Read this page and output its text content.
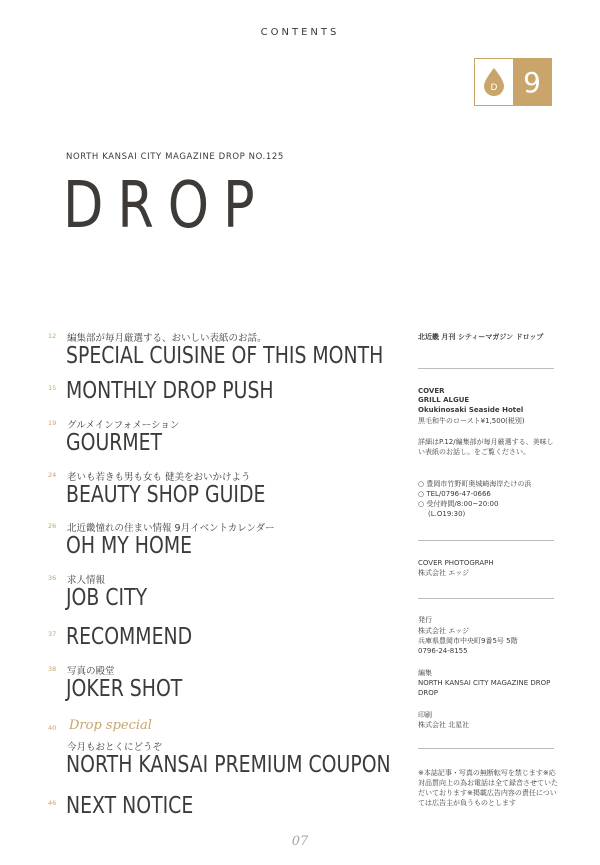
CONTENTS
D 9
NORTH KANSAI CITY MAGAZINE DROP NO.125
DROP
12	編集部が毎月厳選する、おいしい表紙のお話。
SPECIAL CUISINE OF THIS MONTH
15 MONTHLY DROP PUSH
19	グルメインフォメーション
GOURMET
24	老いも若きも男も女も 健美をおいかけよう
BEAUTY SHOP GUIDE
26	北近畿憧れの住まい情報 9月イベントカレンダー
OH MY HOME
36	求人情報
JOB CITY
37 RECOMMEND
38	写真の殿堂
JOKER SHOT
40 Drop special
今月もおとくにどうぞ
NORTH KANSAI PREMIUM COUPON
46 NEXT NOTICE
北近畿 月刊 シティーマガジン ドロップ
COVER
GRILL ALGUE
Okukinosaki Seaside Hotel
黒毛和牛のロースト¥1,500(税別)
詳細はP.12/編集部が毎月厳選する、美味しい表紙のお話し。をご覧ください。
○ 豊岡市竹野町奥城崎海岸たけの浜
○ TEL/0796-47-0666
○ 受付時間/8:00~20:00
(L.O19:30)
COVER PHOTOGRAPH
株式会社 エッジ
発行
株式会社 エッジ
兵庫県豊岡市中央町9番5号 5階
0796-24-8155
編集
NORTH KANSAI CITY MAGAZINE DROP
DROP
印刷
株式会社 北星社
※本誌記事・写真の無断転写を禁じます※応対品質向上の為お電話は全て録音させていただいております※掲載広告内容の責任については広告主が負うものとします
07
